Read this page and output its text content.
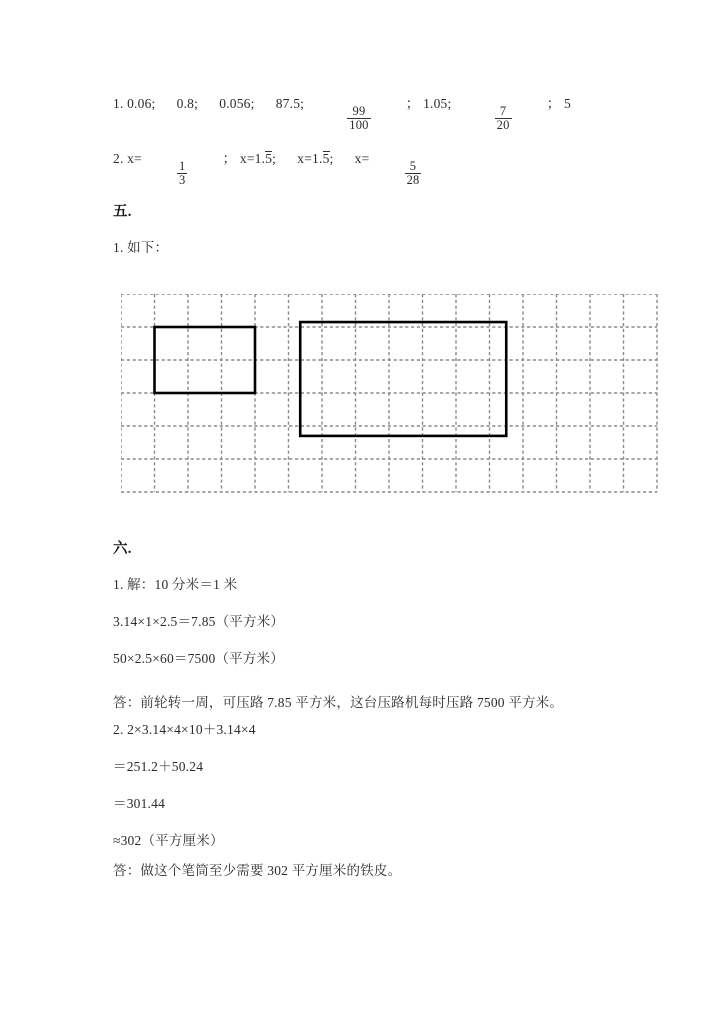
1. 0.06; 0.8; 0.056; 87.5;
$\frac{99}{100}$
； 1.05;
$\frac{7}{20}$
； 5
2. x=
$\frac{1}{3}$
； x=1.5; x=1.5; x=
$\frac{5}{28}$
五.
1. 如下：
六.
1. 解：10 分米＝1 米
3.14×1×2.5＝7.85（平方米）
50×2.5×60＝7500（平方米）
答：前轮转一周，可压路 7.85 平方米，这台压路机每时压路 7500 平方米。
2. 2×3.14×4×10＋3.14×4
＝251.2＋50.24
＝301.44
≈302（平方厘米）
答：做这个笔筒至少需要 302 平方厘米的铁皮。
